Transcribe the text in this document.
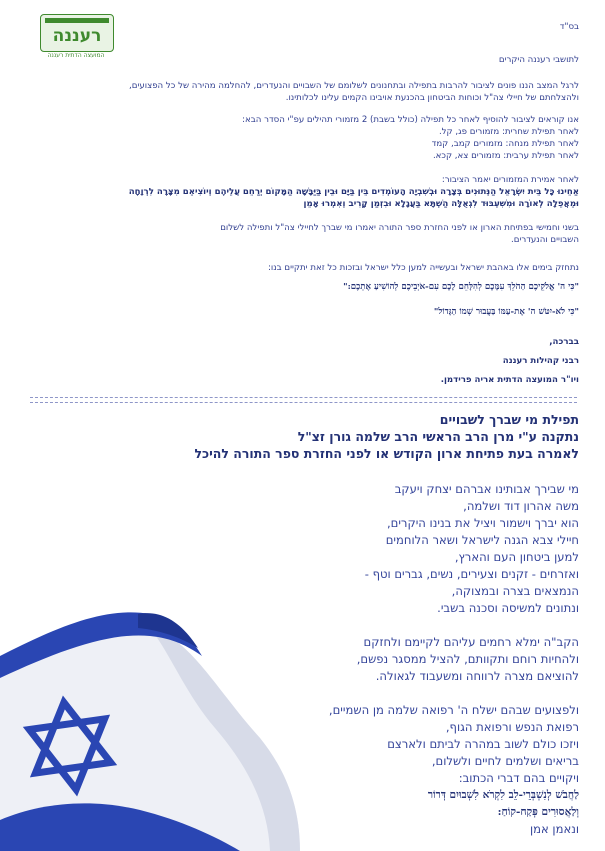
רעננה
המועצה הדתית רעננה
בס"ד

לתושבי רעננה היקרים

לרגל המצב הננו פונים לציבור להרבות בתפילה ובתחנונים לשלומם של השבויים והנעדרים, להחלמה מהירה של כל הפצועים,

ולהצלחתם של חיילי צה"ל וכוחות הביטחון בהכנעת אויבינו הקמים עלינו לכלותינו.

אנו קוראים לציבור להוסיף לאחר כל תפילה (כולל בשבת) 2 מזמורי תהילים עפ"י הסדר הבא:

לאחר תפילת שחרית: מזמורים פג, קל.

לאחר תפילת מנחה: מזמורים קמב, קמד

לאחר תפילת ערבית: מזמורים צא, קכא.

לאחר אמירת המזמורים יאמר הציבור:

אַחֵינוּ כָּל בֵּית יִשְׂרָאֵל הַנְּתוּנִים בְּצָרָה וּבְשִׁבְיָה הָעוֹמְדִים בֵּין בַּיָּם וּבֵין בַּיַּבָּשָׁה הַמָּקוֹם יְרַחֵם עֲלֵיהֶם וְיוֹצִיאֵם מִצָּרָה לִרְוָחָה

וּמֵאֲפֵלָה לְאוֹרָה וּמִשִּׁעְבּוּד לִגְאֻלָּה הַשְׁתָּא בַּעֲגָלָא וּבִזְמַן קָרִיב וְאִמְרוּ אָמֵן

בשני וחמישי בפתיחת הארון או לפני החזרת ספר התורה יאמרו מי שברך לחיילי צה"ל ותפילה לשלום

השבויים והנעדרים.

נתחזק בימים אלו באהבת ישראל ובעשייה למען כלל ישראל ובזכות כל זאת יתקיים בנו:

"כִּי ה' אֱלֹקֵיכֶם הַהֹלֵךְ עִמָּכֶם לְהִלָּחֵם לָכֶם עִם-אֹיְבֵיכֶם לְהוֹשִׁיעַ אֶתְכֶם:"
"כִּי לֹא-יִטֹּשׁ ה' אֶת-עַמּוֹ בַּעֲבוּר שְׁמוֹ הַגָּדוֹל"
בברכה,
רבני קהילות רעננה
ויו"ר המועצה הדתית אריה פרידמן.
תפילת מי שברך לשבויים
נתקנה ע"י מרן הרב הראשי הרב שלמה גורן זצ"ל
לאמרה בעת פתיחת ארון הקודש או לפני החזרת ספר התורה להיכל
מי שבירך אבותינו אברהם יצחק ויעקב
משה אהרון דוד ושלמה,
הוא יברך וישמור ויציל את בנינו היקרים,
חיילי צבא הגנה לישראל ושאר הלוחמים
למען ביטחון העם והארץ,
ואזרחים - זקנים וצעירים, נשים, גברים וטף -
הנמצאים בצרה ובמצוקה,
ונתונים למשיסה וסכנה בשבי.
הקב"ה ימלא רחמים עליהם לקיימם ולחזקם
ולהחיות רוחם ותקוותם, להציל ממסגר נפשם,
להוציאם מצרה לרווחה ומשעבוד לגאולה.
ולפצועים שבהם ישלח ה' רפואה שלמה מן השמיים,
רפואת הנפש ורפואת הגוף,
ויזכו כולם לשוב במהרה לביתם ולארצם
בריאים ושלמים לחיים ולשלום,
ויקויים בהם דברי הכתוב:
לַחֲבֹשׁ לְנִשְׁבְּרֵי-לֵב לִקְרֹא לִשְׁבוּיִם דְּרוֹר
וְלַאֲסוּרִים פְּקַח-קוֹחַ:
ונאמן אמן
